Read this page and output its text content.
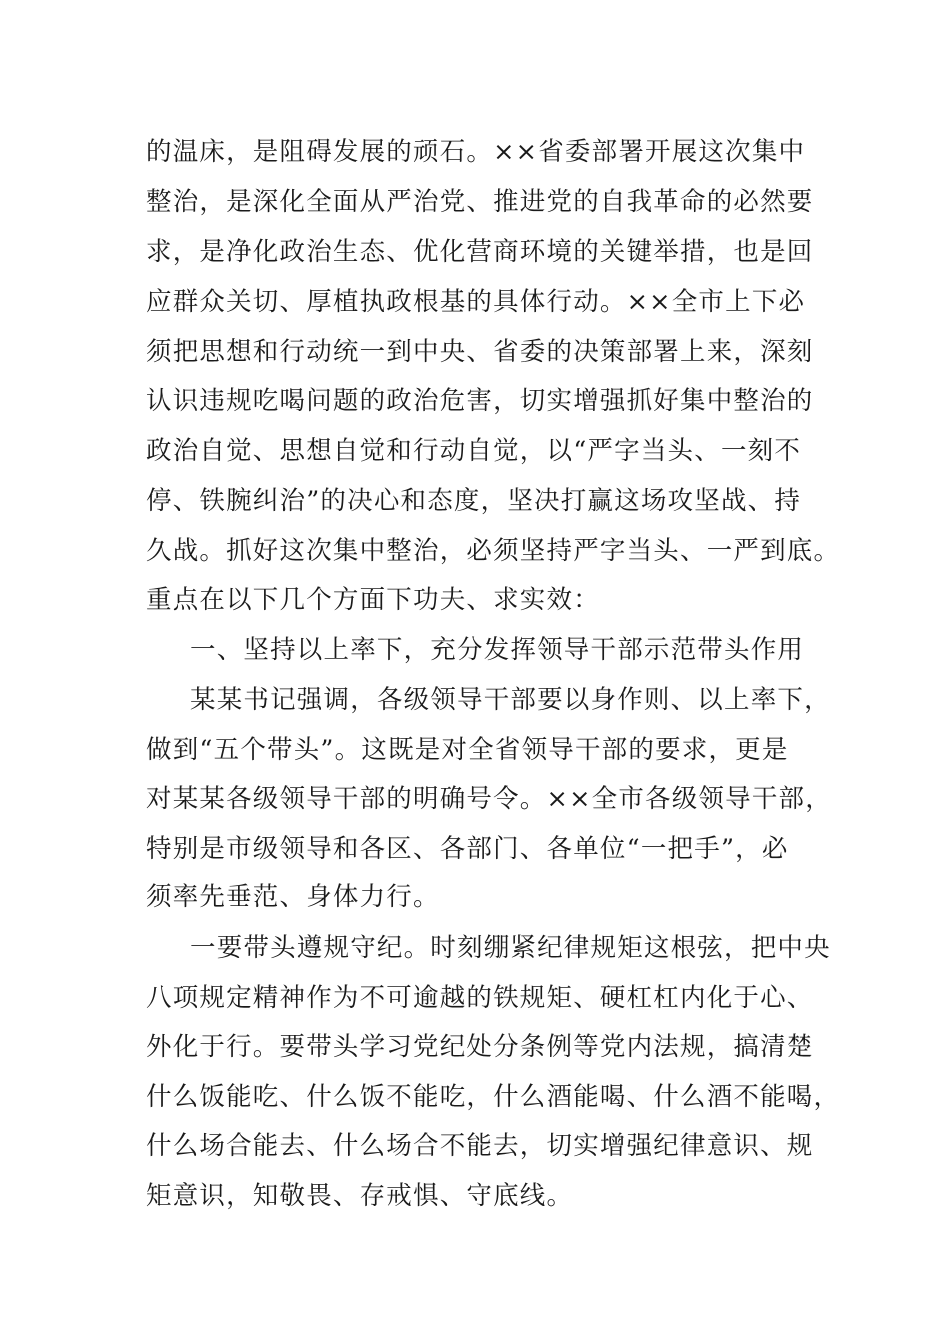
的温床，是阻碍发展的顽石。××省委部署开展这次集中
整治，是深化全面从严治党、推进党的自我革命的必然要
求，是净化政治生态、优化营商环境的关键举措，也是回
应群众关切、厚植执政根基的具体行动。××全市上下必
须把思想和行动统一到中央、省委的决策部署上来，深刻
认识违规吃喝问题的政治危害，切实增强抓好集中整治的
政治自觉、思想自觉和行动自觉，以“严字当头、一刻不
停、铁腕纠治”的决心和态度，坚决打赢这场攻坚战、持
久战。抓好这次集中整治，必须坚持严字当头、一严到底。
重点在以下几个方面下功夫、求实效：
一、坚持以上率下，充分发挥领导干部示范带头作用
某某书记强调，各级领导干部要以身作则、以上率下，
做到“五个带头”。这既是对全省领导干部的要求，更是
对某某各级领导干部的明确号令。××全市各级领导干部，
特别是市级领导和各区、各部门、各单位“一把手”，必
须率先垂范、身体力行。
一要带头遵规守纪。时刻绷紧纪律规矩这根弦，把中央
八项规定精神作为不可逾越的铁规矩、硬杠杠内化于心、
外化于行。要带头学习党纪处分条例等党内法规，搞清楚
什么饭能吃、什么饭不能吃，什么酒能喝、什么酒不能喝，
什么场合能去、什么场合不能去，切实增强纪律意识、规
矩意识，知敬畏、存戒惧、守底线。
